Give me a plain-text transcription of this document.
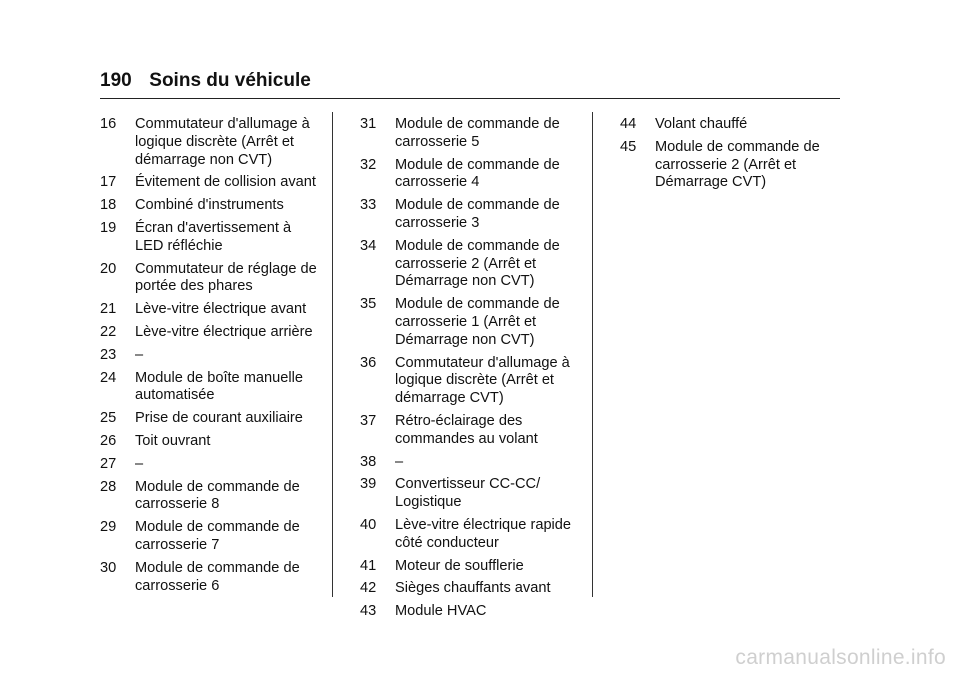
190 Soins du véhicule
16	Commutateur d'allumage à
logique discrète (Arrêt et
démarrage non CVT)
17	Évitement de collision avant
18	Combiné d'instruments
19	Écran d'avertissement à
LED réfléchie
20	Commutateur de réglage de
portée des phares
21	Lève-vitre électrique avant
22	Lève-vitre électrique arrière
23	–
24	Module de boîte manuelle
automatisée
25	Prise de courant auxiliaire
26	Toit ouvrant
27	–
28	Module de commande de
carrosserie 8
29	Module de commande de
carrosserie 7
30	Module de commande de
carrosserie 6
31	Module de commande de
carrosserie 5
32	Module de commande de
carrosserie 4
33	Module de commande de
carrosserie 3
34	Module de commande de
carrosserie 2 (Arrêt et
Démarrage non CVT)
35	Module de commande de
carrosserie 1 (Arrêt et
Démarrage non CVT)
36	Commutateur d'allumage à
logique discrète (Arrêt et
démarrage CVT)
37	Rétro-éclairage des
commandes au volant
38	–
39	Convertisseur CC-CC/
Logistique
40	Lève-vitre électrique rapide
côté conducteur
41	Moteur de soufflerie
42	Sièges chauffants avant
43	Module HVAC
44	Volant chauffé
45	Module de commande de
carrosserie 2 (Arrêt et
Démarrage CVT)
carmanualsonline.info
